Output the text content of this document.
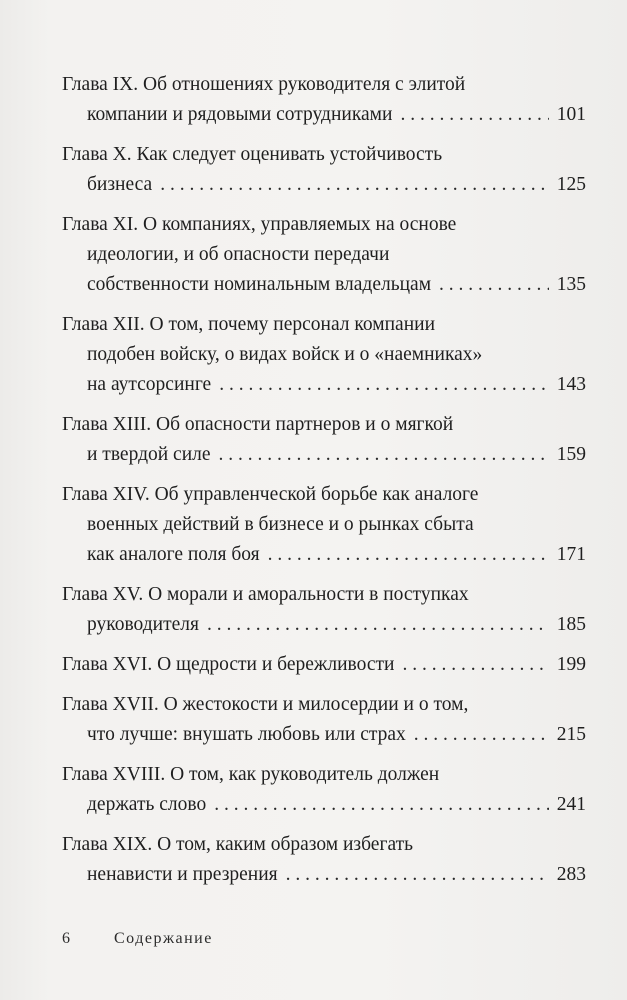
Глава IX. Об отношениях руководителя с элитой
компании и рядовыми сотрудниками . . .	101
Глава X. Как следует оценивать устойчивость
бизнеса . . .	125
Глава XI. О компаниях, управляемых на основе
идеологии, и об опасности передачи
собственности номинальным владельцам . . .	135
Глава XII. О том, почему персонал компании
подобен войску, о видах войск и о «наемниках»
на аутсорсинге . . .	143
Глава XIII. Об опасности партнеров и о мягкой
и твердой силе . . .	159
Глава XIV. Об управленческой борьбе как аналоге
военных действий в бизнесе и о рынках сбыта
как аналоге поля боя . . .	171
Глава XV. О морали и аморальности в поступках
руководителя . . .	185
Глава XVI. О щедрости и бережливости . . .	199
Глава XVII. О жестокости и милосердии и о том,
что лучше: внушать любовь или страх . . .	215
Глава XVIII. О том, как руководитель должен
держать слово . . .	241
Глава XIX. О том, каким образом избегать
ненависти и презрения . . .	283
6	Содержание
